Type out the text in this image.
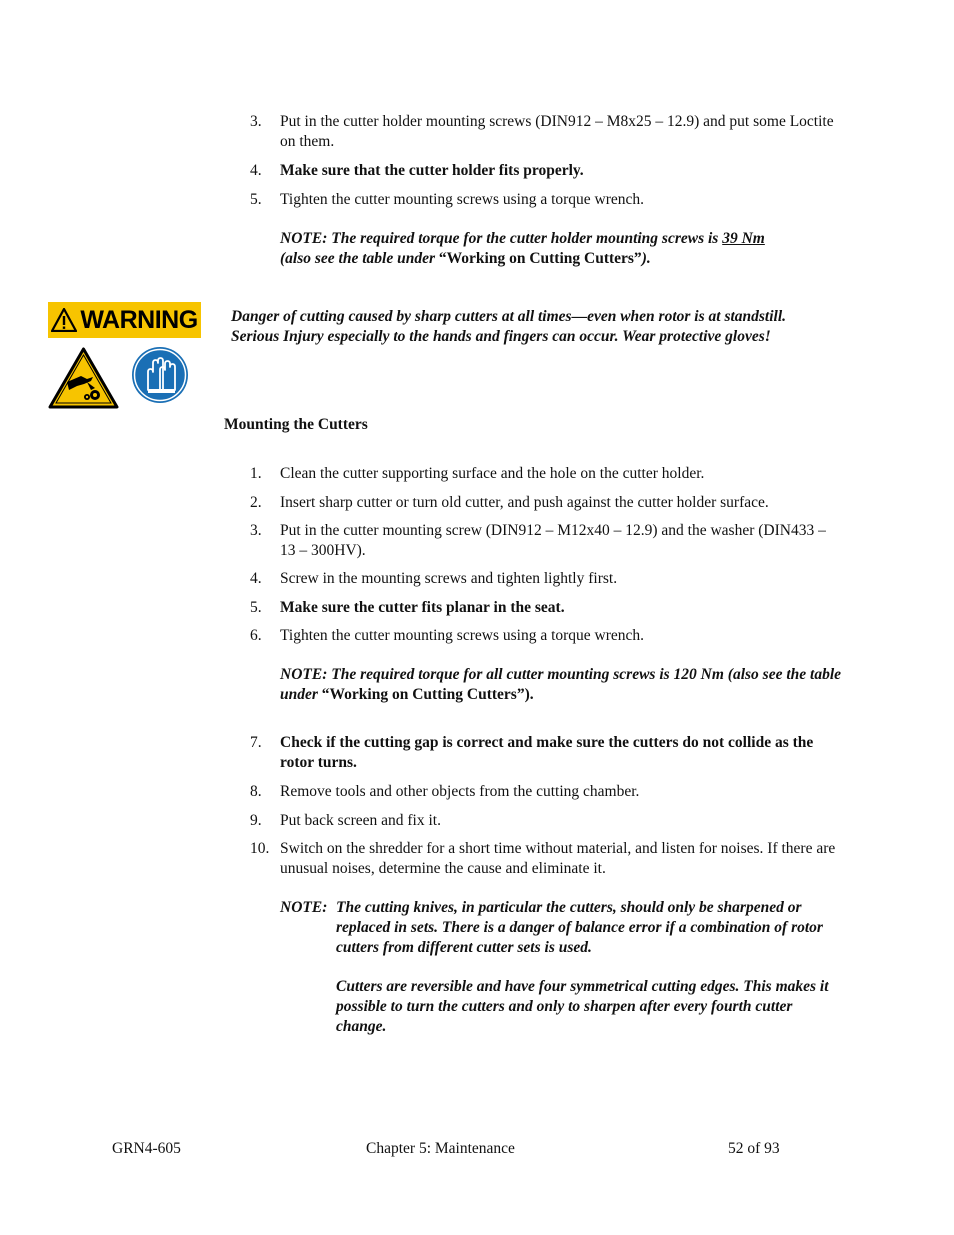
3.	Put in the cutter holder mounting screws (DIN912 – M8x25 – 12.9) and put some Loctite on them.
4.	Make sure that the cutter holder fits properly.
5.	Tighten the cutter mounting screws using a torque wrench.
NOTE: The required torque for the cutter holder mounting screws is 39 Nm
(also see the table under “Working on Cutting Cutters”).
WARNING Danger of cutting caused by sharp cutters at all times—even when rotor is at standstill. Serious Injury especially to the hands and fingers can occur. Wear protective gloves!
Mounting the Cutters
1.	Clean the cutter supporting surface and the hole on the cutter holder.
2.	Insert sharp cutter or turn old cutter, and push against the cutter holder surface.
3.	Put in the cutter mounting screw (DIN912 – M12x40 – 12.9) and the washer (DIN433 – 13 – 300HV).
4.	Screw in the mounting screws and tighten lightly first.
5.	Make sure the cutter fits planar in the seat.
6.	Tighten the cutter mounting screws using a torque wrench.
NOTE: The required torque for all cutter mounting screws is 120 Nm (also see the table under “Working on Cutting Cutters”).
7.	Check if the cutting gap is correct and make sure the cutters do not collide as the rotor turns.
8.	Remove tools and other objects from the cutting chamber.
9.	Put back screen and fix it.
10. Switch on the shredder for a short time without material, and listen for noises. If there are unusual noises, determine the cause and eliminate it.
NOTE: The cutting knives, in particular the cutters, should only be sharpened or replaced in sets. There is a danger of balance error if a combination of rotor cutters from different cutter sets is used.
Cutters are reversible and have four symmetrical cutting edges. This makes it possible to turn the cutters and only to sharpen after every fourth cutter change.
GRN4-605	Chapter 5: Maintenance	52 of 93
